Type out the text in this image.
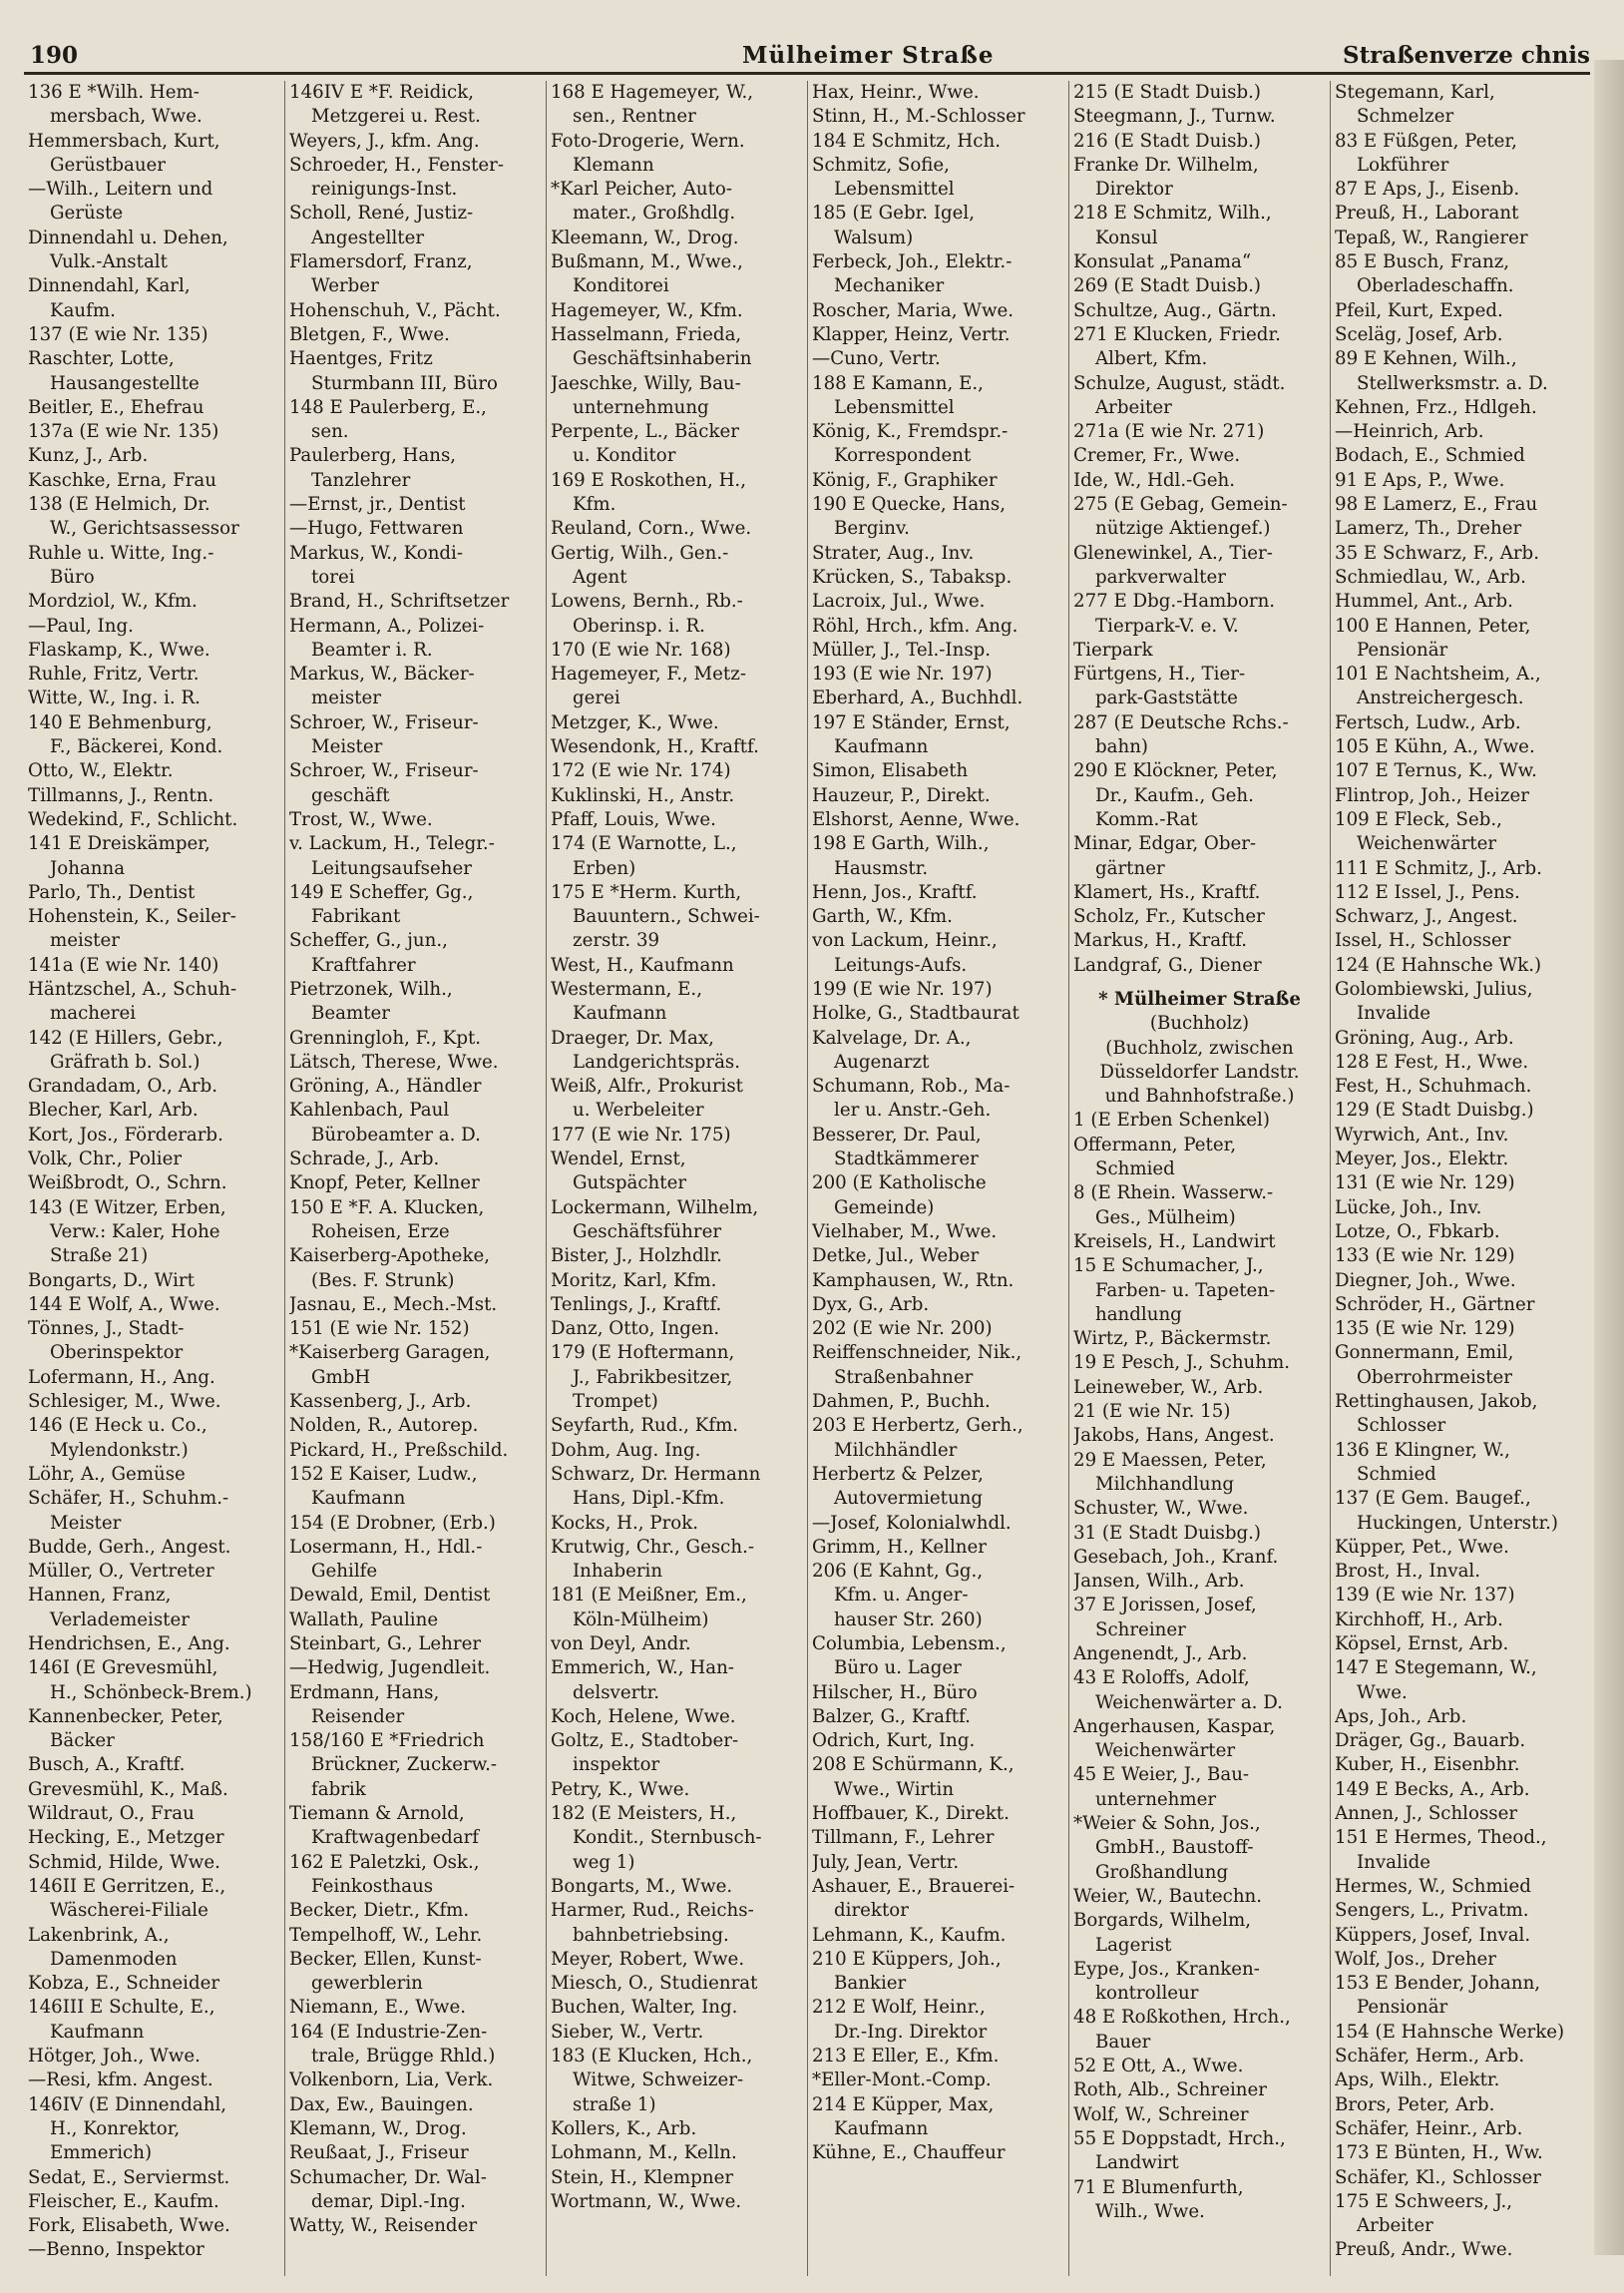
190	Mülheimer Straße	Straßenverze chnis
136 E *Wilh. Hem-
mersbach, Wwe.
Hemmersbach, Kurt,
Gerüstbauer
—Wilh., Leitern und
Gerüste
Dinnendahl u. Dehen,
Vulk.-Anstalt
Dinnendahl, Karl,
Kaufm.
137 (E wie Nr. 135)
Raschter, Lotte,
Hausangestellte
Beitler, E., Ehefrau
137a (E wie Nr. 135)
Kunz, J., Arb.
Kaschke, Erna, Frau
138 (E Helmich, Dr.
W., Gerichtsassessor
Ruhle u. Witte, Ing.-
Büro
Mordziol, W., Kfm.
—Paul, Ing.
Flaskamp, K., Wwe.
Ruhle, Fritz, Vertr.
Witte, W., Ing. i. R.
140 E Behmenburg,
F., Bäckerei, Kond.
Otto, W., Elektr.
Tillmanns, J., Rentn.
Wedekind, F., Schlicht.
141 E Dreiskämper,
Johanna
Parlo, Th., Dentist
Hohenstein, K., Seiler-
meister
141a (E wie Nr. 140)
Häntzschel, A., Schuh-
macherei
142 (E Hillers, Gebr.,
Gräfrath b. Sol.)
Grandadam, O., Arb.
Blecher, Karl, Arb.
Kort, Jos., Förderarb.
Volk, Chr., Polier
Weißbrodt, O., Schrn.
143 (E Witzer, Erben,
Verw.: Kaler, Hohe
Straße 21)
Bongarts, D., Wirt
144 E Wolf, A., Wwe.
Tönnes, J., Stadt-
Oberinspektor
Lofermann, H., Ang.
Schlesiger, M., Wwe.
146 (E Heck u. Co.,
Mylendonkstr.)
Löhr, A., Gemüse
Schäfer, H., Schuhm.-
Meister
Budde, Gerh., Angest.
Müller, O., Vertreter
Hannen, Franz,
Verlademeister
Hendrichsen, E., Ang.
146I (E Grevesmühl,
H., Schönbeck-Brem.)
Kannenbecker, Peter,
Bäcker
Busch, A., Kraftf.
Grevesmühl, K., Maß.
Wildraut, O., Frau
Hecking, E., Metzger
Schmid, Hilde, Wwe.
146II E Gerritzen, E.,
Wäscherei-Filiale
Lakenbrink, A.,
Damenmoden
Kobza, E., Schneider
146III E Schulte, E.,
Kaufmann
Hötger, Joh., Wwe.
—Resi, kfm. Angest.
146IV (E Dinnendahl,
H., Konrektor,
Emmerich)
Sedat, E., Serviermst.
Fleischer, E., Kaufm.
Fork, Elisabeth, Wwe.
—Benno, Inspektor
146IV E *F. Reidick,
Metzgerei u. Rest.
Weyers, J., kfm. Ang.
Schroeder, H., Fenster-
reinigungs-Inst.
Scholl, René, Justiz-
Angestellter
Flamersdorf, Franz,
Werber
Hohenschuh, V., Pächt.
Bletgen, F., Wwe.
Haentges, Fritz
Sturmbann III, Büro
148 E Paulerberg, E.,
sen.
Paulerberg, Hans,
Tanzlehrer
—Ernst, jr., Dentist
—Hugo, Fettwaren
Markus, W., Kondi-
torei
Brand, H., Schriftsetzer
Hermann, A., Polizei-
Beamter i. R.
Markus, W., Bäcker-
meister
Schroer, W., Friseur-
Meister
Schroer, W., Friseur-
geschäft
Trost, W., Wwe.
v. Lackum, H., Telegr.-
Leitungsaufseher
149 E Scheffer, Gg.,
Fabrikant
Scheffer, G., jun.,
Kraftfahrer
Pietrzonek, Wilh.,
Beamter
Grenningloh, F., Kpt.
Lätsch, Therese, Wwe.
Gröning, A., Händler
Kahlenbach, Paul
Bürobeamter a. D.
Schrade, J., Arb.
Knopf, Peter, Kellner
150 E *F. A. Klucken,
Roheisen, Erze
Kaiserberg-Apotheke,
(Bes. F. Strunk)
Jasnau, E., Mech.-Mst.
151 (E wie Nr. 152)
*Kaiserberg Garagen,
GmbH
Kassenberg, J., Arb.
Nolden, R., Autorep.
Pickard, H., Preßschild.
152 E Kaiser, Ludw.,
Kaufmann
154 (E Drobner, (Erb.)
Losermann, H., Hdl.-
Gehilfe
Dewald, Emil, Dentist
Wallath, Pauline
Steinbart, G., Lehrer
—Hedwig, Jugendleit.
Erdmann, Hans,
Reisender
158/160 E *Friedrich
Brückner, Zuckerw.-
fabrik
Tiemann & Arnold,
Kraftwagenbedarf
162 E Paletzki, Osk.,
Feinkosthaus
Becker, Dietr., Kfm.
Tempelhoff, W., Lehr.
Becker, Ellen, Kunst-
gewerblerin
Niemann, E., Wwe.
164 (E Industrie-Zen-
trale, Brügge Rhld.)
Volkenborn, Lia, Verk.
Dax, Ew., Bauingen.
Klemann, W., Drog.
Reußaat, J., Friseur
Schumacher, Dr. Wal-
demar, Dipl.-Ing.
Watty, W., Reisender
168 E Hagemeyer, W.,
sen., Rentner
Foto-Drogerie, Wern.
Klemann
*Karl Peicher, Auto-
mater., Großhdlg.
Kleemann, W., Drog.
Bußmann, M., Wwe.,
Konditorei
Hagemeyer, W., Kfm.
Hasselmann, Frieda,
Geschäftsinhaberin
Jaeschke, Willy, Bau-
unternehmung
Perpente, L., Bäcker
u. Konditor
169 E Roskothen, H.,
Kfm.
Reuland, Corn., Wwe.
Gertig, Wilh., Gen.-
Agent
Lowens, Bernh., Rb.-
Oberinsp. i. R.
170 (E wie Nr. 168)
Hagemeyer, F., Metz-
gerei
Metzger, K., Wwe.
Wesendonk, H., Kraftf.
172 (E wie Nr. 174)
Kuklinski, H., Anstr.
Pfaff, Louis, Wwe.
174 (E Warnotte, L.,
Erben)
175 E *Herm. Kurth,
Bauuntern., Schwei-
zerstr. 39
West, H., Kaufmann
Westermann, E.,
Kaufmann
Draeger, Dr. Max,
Landgerichtspräs.
Weiß, Alfr., Prokurist
u. Werbeleiter
177 (E wie Nr. 175)
Wendel, Ernst,
Gutspächter
Lockermann, Wilhelm,
Geschäftsführer
Bister, J., Holzhdlr.
Moritz, Karl, Kfm.
Tenlings, J., Kraftf.
Danz, Otto, Ingen.
179 (E Hoftermann,
J., Fabrikbesitzer,
Trompet)
Seyfarth, Rud., Kfm.
Dohm, Aug. Ing.
Schwarz, Dr. Hermann
Hans, Dipl.-Kfm.
Kocks, H., Prok.
Krutwig, Chr., Gesch.-
Inhaberin
181 (E Meißner, Em.,
Köln-Mülheim)
von Deyl, Andr.
Emmerich, W., Han-
delsvertr.
Koch, Helene, Wwe.
Goltz, E., Stadtober-
inspektor
Petry, K., Wwe.
182 (E Meisters, H.,
Kondit., Sternbusch-
weg 1)
Bongarts, M., Wwe.
Harmer, Rud., Reichs-
bahnbetriebsing.
Meyer, Robert, Wwe.
Miesch, O., Studienrat
Buchen, Walter, Ing.
Sieber, W., Vertr.
183 (E Klucken, Hch.,
Witwe, Schweizer-
straße 1)
Kollers, K., Arb.
Lohmann, M., Kelln.
Stein, H., Klempner
Wortmann, W., Wwe.
Hax, Heinr., Wwe.
Stinn, H., M.-Schlosser
184 E Schmitz, Hch.
Schmitz, Sofie,
Lebensmittel
185 (E Gebr. Igel,
Walsum)
Ferbeck, Joh., Elektr.-
Mechaniker
Roscher, Maria, Wwe.
Klapper, Heinz, Vertr.
—Cuno, Vertr.
188 E Kamann, E.,
Lebensmittel
König, K., Fremdspr.-
Korrespondent
König, F., Graphiker
190 E Quecke, Hans,
Berginv.
Strater, Aug., Inv.
Krücken, S., Tabaksp.
Lacroix, Jul., Wwe.
Röhl, Hrch., kfm. Ang.
Müller, J., Tel.-Insp.
193 (E wie Nr. 197)
Eberhard, A., Buchhdl.
197 E Ständer, Ernst,
Kaufmann
Simon, Elisabeth
Hauzeur, P., Direkt.
Elshorst, Aenne, Wwe.
198 E Garth, Wilh.,
Hausmstr.
Henn, Jos., Kraftf.
Garth, W., Kfm.
von Lackum, Heinr.,
Leitungs-Aufs.
199 (E wie Nr. 197)
Holke, G., Stadtbaurat
Kalvelage, Dr. A.,
Augenarzt
Schumann, Rob., Ma-
ler u. Anstr.-Geh.
Besserer, Dr. Paul,
Stadtkämmerer
200 (E Katholische
Gemeinde)
Vielhaber, M., Wwe.
Detke, Jul., Weber
Kamphausen, W., Rtn.
Dyx, G., Arb.
202 (E wie Nr. 200)
Reiffenschneider, Nik.,
Straßenbahner
Dahmen, P., Buchh.
203 E Herbertz, Gerh.,
Milchhändler
Herbertz & Pelzer,
Autovermietung
—Josef, Kolonialwhdl.
Grimm, H., Kellner
206 (E Kahnt, Gg.,
Kfm. u. Anger-
hauser Str. 260)
Columbia, Lebensm.,
Büro u. Lager
Hilscher, H., Büro
Balzer, G., Kraftf.
Odrich, Kurt, Ing.
208 E Schürmann, K.,
Wwe., Wirtin
Hoffbauer, K., Direkt.
Tillmann, F., Lehrer
July, Jean, Vertr.
Ashauer, E., Brauerei-
direktor
Lehmann, K., Kaufm.
210 E Küppers, Joh.,
Bankier
212 E Wolf, Heinr.,
Dr.-Ing. Direktor
213 E Eller, E., Kfm.
*Eller-Mont.-Comp.
214 E Küpper, Max,
Kaufmann
Kühne, E., Chauffeur
215 (E Stadt Duisb.)
Steegmann, J., Turnw.
216 (E Stadt Duisb.)
Franke Dr. Wilhelm,
Direktor
218 E Schmitz, Wilh.,
Konsul
Konsulat „Panama“
269 (E Stadt Duisb.)
Schultze, Aug., Gärtn.
271 E Klucken, Friedr.
Albert, Kfm.
Schulze, August, städt.
Arbeiter
271a (E wie Nr. 271)
Cremer, Fr., Wwe.
Ide, W., Hdl.-Geh.
275 (E Gebag, Gemein-
nützige Aktiengef.)
Glenewinkel, A., Tier-
parkverwalter
277 E Dbg.-Hamborn.
Tierpark-V. e. V.
Tierpark
Fürtgens, H., Tier-
park-Gaststätte
287 (E Deutsche Rchs.-
bahn)
290 E Klöckner, Peter,
Dr., Kaufm., Geh.
Komm.-Rat
Minar, Edgar, Ober-
gärtner
Klamert, Hs., Kraftf.
Scholz, Fr., Kutscher
Markus, H., Kraftf.
Landgraf, G., Diener
* Mülheimer Straße
(Buchholz)
(Buchholz, zwischen
Düsseldorfer Landstr.
und Bahnhofstraße.)
1 (E Erben Schenkel)
Offermann, Peter,
Schmied
8 (E Rhein. Wasserw.-
Ges., Mülheim)
Kreisels, H., Landwirt
15 E Schumacher, J.,
Farben- u. Tapeten-
handlung
Wirtz, P., Bäckermstr.
19 E Pesch, J., Schuhm.
Leineweber, W., Arb.
21 (E wie Nr. 15)
Jakobs, Hans, Angest.
29 E Maessen, Peter,
Milchhandlung
Schuster, W., Wwe.
31 (E Stadt Duisbg.)
Gesebach, Joh., Kranf.
Jansen, Wilh., Arb.
37 E Jorissen, Josef,
Schreiner
Angenendt, J., Arb.
43 E Roloffs, Adolf,
Weichenwärter a. D.
Angerhausen, Kaspar,
Weichenwärter
45 E Weier, J., Bau-
unternehmer
*Weier & Sohn, Jos.,
GmbH., Baustoff-
Großhandlung
Weier, W., Bautechn.
Borgards, Wilhelm,
Lagerist
Eype, Jos., Kranken-
kontrolleur
48 E Roßkothen, Hrch.,
Bauer
52 E Ott, A., Wwe.
Roth, Alb., Schreiner
Wolf, W., Schreiner
55 E Doppstadt, Hrch.,
Landwirt
71 E Blumenfurth,
Wilh., Wwe.
Stegemann, Karl,
Schmelzer
83 E Füßgen, Peter,
Lokführer
87 E Aps, J., Eisenb.
Preuß, H., Laborant
Tepaß, W., Rangierer
85 E Busch, Franz,
Oberladeschaffn.
Pfeil, Kurt, Exped.
Sceläg, Josef, Arb.
89 E Kehnen, Wilh.,
Stellwerksmstr. a. D.
Kehnen, Frz., Hdlgeh.
—Heinrich, Arb.
Bodach, E., Schmied
91 E Aps, P., Wwe.
98 E Lamerz, E., Frau
Lamerz, Th., Dreher
35 E Schwarz, F., Arb.
Schmiedlau, W., Arb.
Hummel, Ant., Arb.
100 E Hannen, Peter,
Pensionär
101 E Nachtsheim, A.,
Anstreichergesch.
Fertsch, Ludw., Arb.
105 E Kühn, A., Wwe.
107 E Ternus, K., Ww.
Flintrop, Joh., Heizer
109 E Fleck, Seb.,
Weichenwärter
111 E Schmitz, J., Arb.
112 E Issel, J., Pens.
Schwarz, J., Angest.
Issel, H., Schlosser
124 (E Hahnsche Wk.)
Golombiewski, Julius,
Invalide
Gröning, Aug., Arb.
128 E Fest, H., Wwe.
Fest, H., Schuhmach.
129 (E Stadt Duisbg.)
Wyrwich, Ant., Inv.
Meyer, Jos., Elektr.
131 (E wie Nr. 129)
Lücke, Joh., Inv.
Lotze, O., Fbkarb.
133 (E wie Nr. 129)
Diegner, Joh., Wwe.
Schröder, H., Gärtner
135 (E wie Nr. 129)
Gonnermann, Emil,
Oberrohrmeister
Rettinghausen, Jakob,
Schlosser
136 E Klingner, W.,
Schmied
137 (E Gem. Baugef.,
Huckingen, Unterstr.)
Küpper, Pet., Wwe.
Brost, H., Inval.
139 (E wie Nr. 137)
Kirchhoff, H., Arb.
Köpsel, Ernst, Arb.
147 E Stegemann, W.,
Wwe.
Aps, Joh., Arb.
Dräger, Gg., Bauarb.
Kuber, H., Eisenbhr.
149 E Becks, A., Arb.
Annen, J., Schlosser
151 E Hermes, Theod.,
Invalide
Hermes, W., Schmied
Sengers, L., Privatm.
Küppers, Josef, Inval.
Wolf, Jos., Dreher
153 E Bender, Johann,
Pensionär
154 (E Hahnsche Werke)
Schäfer, Herm., Arb.
Aps, Wilh., Elektr.
Brors, Peter, Arb.
Schäfer, Heinr., Arb.
173 E Bünten, H., Ww.
Schäfer, Kl., Schlosser
175 E Schweers, J.,
Arbeiter
Preuß, Andr., Wwe.
